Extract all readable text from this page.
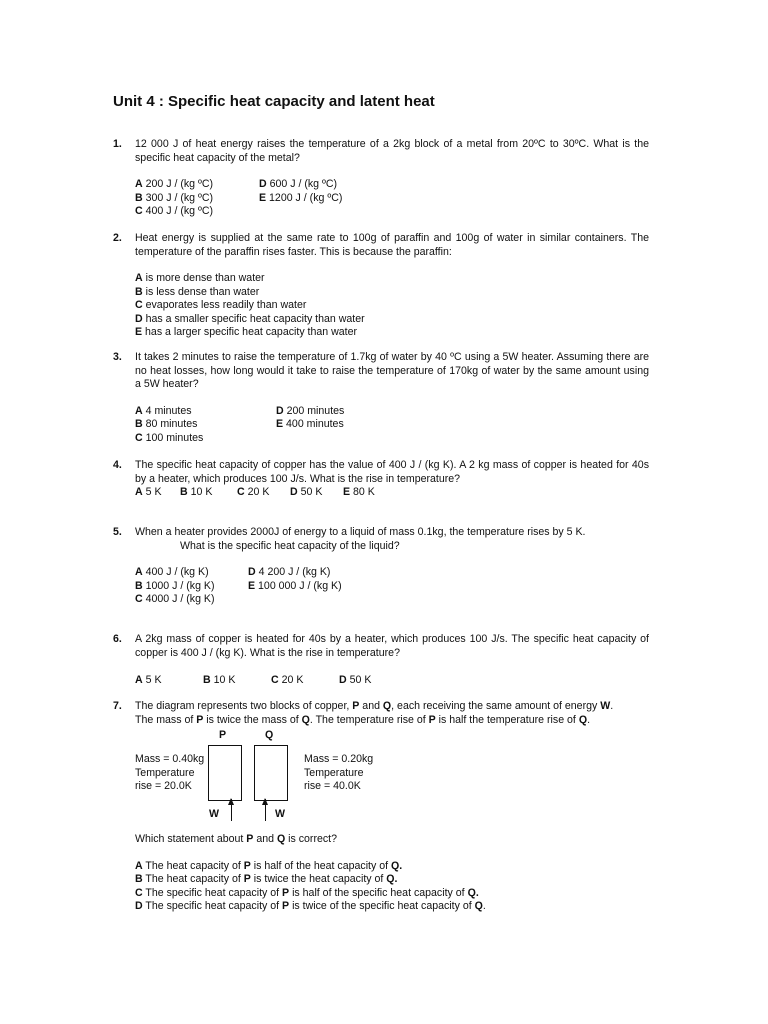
Unit 4 : Specific heat capacity and latent heat
1. 12 000 J of heat energy raises the temperature of a 2kg block of a metal from 20ºC to 30ºC. What is the specific heat capacity of the metal?
A 200 J / (kg ºC)
B 300 J / (kg ºC)
C 400 J / (kg ºC)
D 600 J / (kg ºC)
E 1200 J / (kg ºC)
2. Heat energy is supplied at the same rate to 100g of paraffin and 100g of water in similar containers. The temperature of the paraffin rises faster. This is because the paraffin:
A is more dense than water
B is less dense than water
C evaporates less readily than water
D has a smaller specific heat capacity than water
E has a larger specific heat capacity than water
3. It takes 2 minutes to raise the temperature of 1.7kg of water by 40 ºC using a 5W heater. Assuming there are no heat losses, how long would it take to raise the temperature of 170kg of water by the same amount using a 5W heater?
A 4 minutes
B 80 minutes
C 100 minutes
D 200 minutes
E 400 minutes
4. The specific heat capacity of copper has the value of 400 J / (kg K). A 2 kg mass of copper is heated for 40s by a heater, which produces 100 J/s. What is the rise in temperature?
A 5 K B 10 K C 20 K D 50 K E 80 K
5. When a heater provides 2000J of energy to a liquid of mass 0.1kg, the temperature rises by 5 K.
What is the specific heat capacity of the liquid?
A 400 J / (kg K)
B 1000 J / (kg K)
C 4000 J / (kg K)
D 4 200 J / (kg K)
E 100 000 J / (kg K)
6. A 2kg mass of copper is heated for 40s by a heater, which produces 100 J/s. The specific heat capacity of copper is 400 J / (kg K). What is the rise in temperature?
A 5 K	B 10 K	C 20 K	D 50 K
7. The diagram represents two blocks of copper, P and Q, each receiving the same amount of energy W.
The mass of P is twice the mass of Q. The temperature rise of P is half the temperature rise of Q.
P	Q
Mass = 0.40kg
Temperature
rise = 20.0K
Mass = 0.20kg
Temperature
rise = 40.0K
W	W
Which statement about P and Q is correct?
A The heat capacity of P is half of the heat capacity of Q.
B The heat capacity of P is twice the heat capacity of Q.
C The specific heat capacity of P is half of the specific heat capacity of Q.
D The specific heat capacity of P is twice of the specific heat capacity of Q.
